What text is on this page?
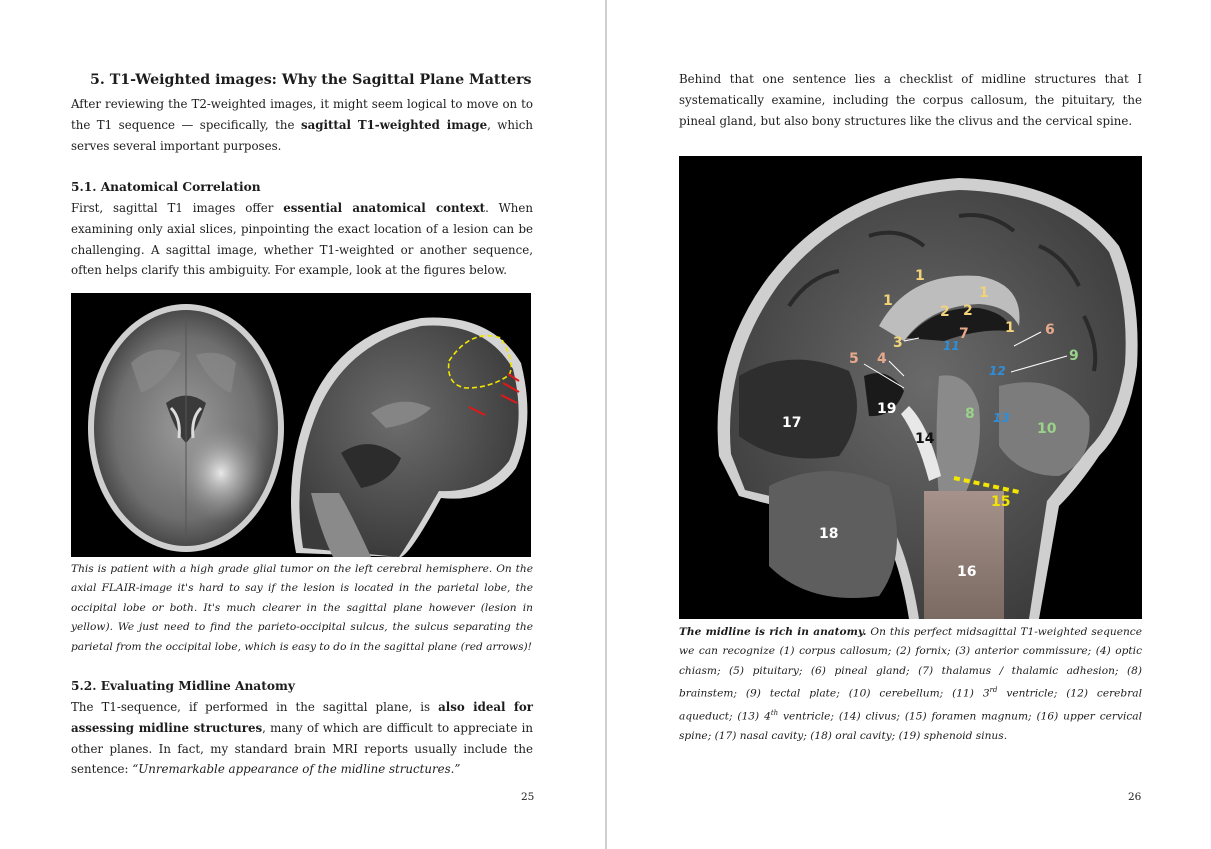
5. T1-Weighted images: Why the Sagittal Plane Matters
After reviewing the T2-weighted images, it might seem logical to move on to the T1 sequence — specifically, the sagittal T1-weighted image, which serves several important purposes.
5.1. Anatomical Correlation
First, sagittal T1 images offer essential anatomical context. When examining only axial slices, pinpointing the exact location of a lesion can be challenging. A sagittal image, whether T1-weighted or another sequence, often helps clarify this ambiguity. For example, look at the figures below.
This is patient with a high grade glial tumor on the left cerebral hemisphere. On the axial FLAIR-image it's hard to say if the lesion is located in the parietal lobe, the occipital lobe or both. It's much clearer in the sagittal plane however (lesion in yellow). We just need to find the parieto-occipital sulcus, the sulcus separating the parietal from the occipital lobe, which is easy to do in the sagittal plane (red arrows)!
5.2. Evaluating Midline Anatomy
The T1-sequence, if performed in the sagittal plane, is also ideal for assessing midline structures, many of which are difficult to appreciate in other planes. In fact, my standard brain MRI reports usually include the sentence: “Unremarkable appearance of the midline structures.”
25
Behind that one sentence lies a checklist of midline structures that I systematically examine, including the corpus callosum, the pituitary, the pineal gland, but also bony structures like the clivus and the cervical spine.
1
1	1
1
2 2
3
4
5
6
7
8
9
10
11
12
13
14
15
16
17
18
19
The midline is rich in anatomy. On this perfect midsagittal T1-weighted sequence we can recognize (1) corpus callosum; (2) fornix; (3) anterior commissure; (4) optic chiasm; (5) pituitary; (6) pineal gland; (7) thalamus / thalamic adhesion; (8) brainstem; (9) tectal plate; (10) cerebellum; (11) 3rd ventricle; (12) cerebral aqueduct; (13) 4th ventricle; (14) clivus; (15) foramen magnum; (16) upper cervical spine; (17) nasal cavity; (18) oral cavity; (19) sphenoid sinus.
26
